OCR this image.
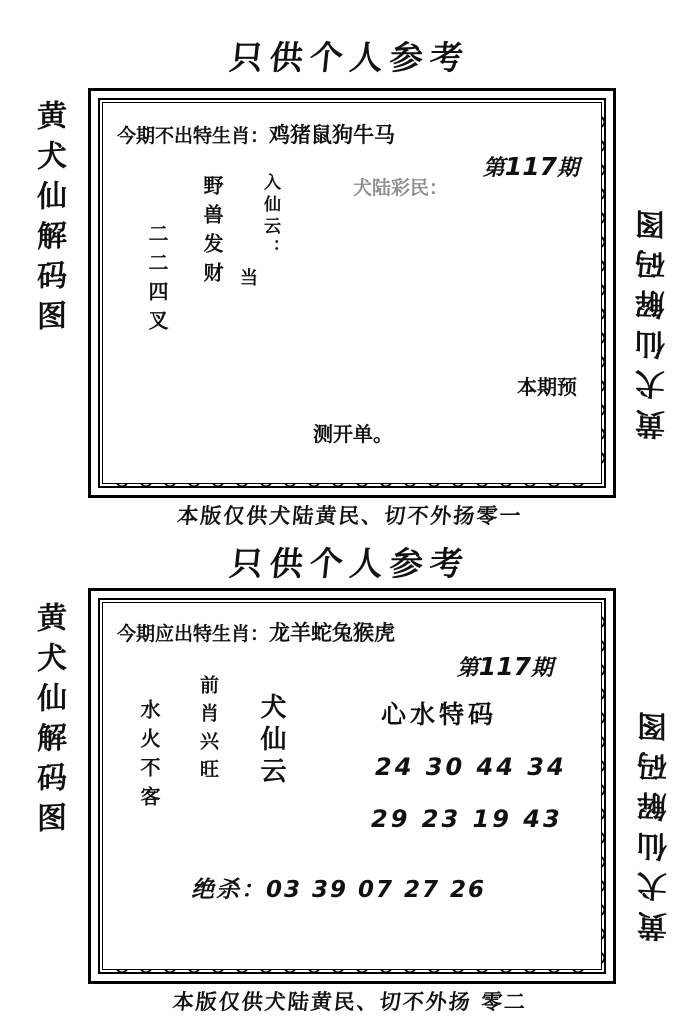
只供个人参考
黄犬仙解码图	黄犬仙解码图
今期不出特生肖：鸡猪鼠狗牛马
第117期
入仙云：
野兽发财
二二四叉	当
犬陆彩民：
本期预
测开单。
本版仅供犬陆黄民、切不外扬零一
只供个人参考
黄犬仙解码图	黄犬仙解码图
今期应出特生肖：龙羊蛇兔猴虎
第117期
水火不客 前肖兴旺 犬仙云	心水特码
24 30 44 34
29 23 19 43
绝杀：03 39 07 27 26
本版仅供犬陆黄民、切不外扬 零二
